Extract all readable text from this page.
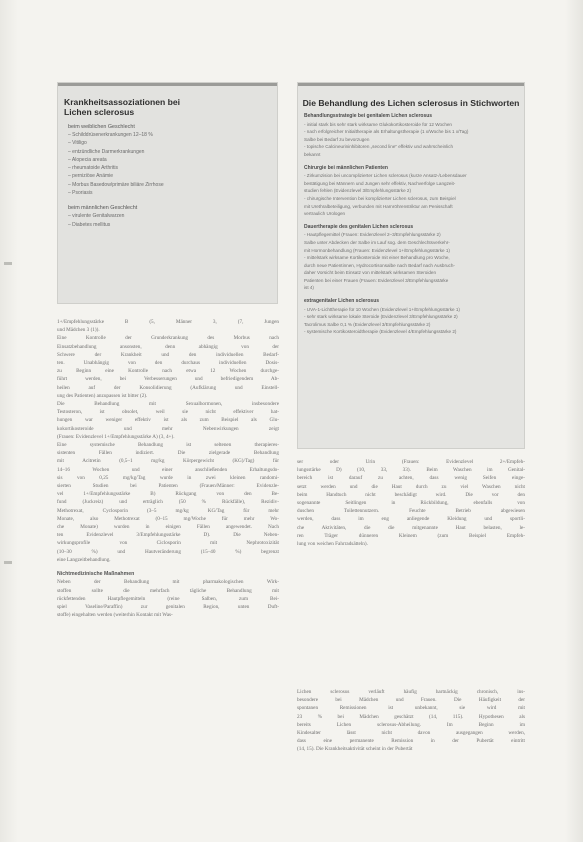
Krankheitsassoziationen bei
Lichen sclerosus
beim weiblichen Geschlecht
– Schilddrüsenerkrankungen 12–18 %
– Vitiligo
– entzündliche Darmerkrankungen
– Alopecia areata
– rheumatoide Arthritis
– perniziöse Anämie
– Morbus Basedow/primäre biliäre Zirrhose
– Psoriasis
beim männlichen Geschlecht
– virulente Genitalwarzen
– Diabetes mellitus
Die Behandlung des Lichen sclerosus in Stichworten
Behandlungsstrategie bei genitalem Lichen sclerosus
- initial stark bis sehr stark wirksame Glukokortikosteroide für 12 Wochen
- nach erfolgreicher Initialtherapie als Erhaltungstherapie (1 x/Woche bis 1 x/Tag)
Salbe bei Bedarf zu bevorzugen
- topische Calcineurininhibitoren „second line“ effektiv und wahrscheinlich
bekannt
Chirurgie bei männlichen Patienten
- Zirkumzision bei uncomplizierter Lichen sclerosus (kurze Ansatz-/Lebensdauer
bestätigung bei Männern und Jungen sehr effektiv, Nachverfolge Langzeit-
studien fehlen (Evidenzlevel 3/Empfehlungsstärke 2)
- chirurgische Intervention bei komplizierter Lichen sclerosus, zum Beispiel
mit Urethralbeteiligung, verbunden mit Harnröhrenstriktur am Penisschaft
vertraulich Urologen
Dauertherapie des genitalen Lichen sclerosus
- Hautpflegemittel (Frauen: Evidenzlevel 2–3/Empfehlungsstärke 2)
Salbe unter Abdecken der Salbe im Lauf sog. dem Geschlechtsverkehr-
mit Hormonbehandlung (Frauen: Evidenzlevel 1+/Empfehlungsstärke 1)
- mittelstark wirksame Kortikosteroide mit einer Behandlung pro Woche,
durch neue Patientinnen, Hydrocortisonsalbe nach Bedarf nach Ausbruch-
daher Vorsicht beim Einsatz von mittelstark wirksamen Steroiden
Patienten bei einer Frauen (Frauen: Evidenzlevel 3/Empfehlungsstärke
ist 4)
extragenitaler Lichen sclerosus
- UVA-1-Lichttherapie für 10 Wochen (Evidenzlevel 1+/Empfehlungsstärke 1)
- sehr stark wirksame lokale Steroide (Evidenzlevel 3/Empfehlungsstärke 2)
Tacrolimus Salbe 0,1 % (Evidenzlevel 3/Empfehlungsstärke 2)
- systemische Kortikosteroidtherapie (Evidenzlevel 4/Empfehlungsstärke 2)
1+/Empfehlungsstärke B (5, Männer 3, (7, Jungen
und Mädchen 3 (1)).
Eine Kontrolle der Grunderkrankung des Morbus nach
Einsatzbehandlung ansonsten, denn abhängig von der
Schwere der Krankheit und den individuellen Bedarf-
ten. Unabhängig von den durchaus individuellen Dosis-
zu Beginn eine Kontrolle nach etwa 12 Wochen durchge-
führt werden, bei Verbesserungen und befriedigendem Ab-
heilen auf der Konsolidierung (Aufklärung und Einstell-
ung des Patienten) anzupassen ist bitter (2).
Die Behandlung mit Sexualhormonen, insbesondere
Testosteron, ist obsolet, weil sie nicht effektiver hat-
hungen war weniger effektiv ist als zum Beispiel als Glu-
kokortikosteroide und mehr Nebenwirkungen zeigt
(Frauen: Evidenzlevel 1+/Empfehlungsstärke A) (3, 4+).
Eine systemische Behandlung ist seltenen therapieres-
sistenten Fällen indiziert. Die zielgerade Behandlung
mit Acitretin (0,5–1 mg/kg Körpergewicht (KG)/Tag) für
14–16 Wochen und einer anschließenden Erhaltungsdo-
sis von 0,25 mg/kg/Tag wurde in zwei kleinen randomi-
sierten Studien bei Patienten (Frauen/Männer: Evidenzle-
vel 1+/Empfehlungsstärke B) Rückgang von den Be-
fund (Juckreiz) und erträglich (50 % Rückfälle), Rezidiv-
Methotrexat, Cyclosporin (3–5 mg/kg KG/Tag für mehr
Monate, also Methotrexat (0–15 mg/Woche für mehr Wo-
che Monate) wurden in einigen Fällen angewendet. Nach
ten Evidenzlevel 3/Empfehlungsstärke D). Die Neben-
wirkungsprofile von Ciclosporin mit Nephrotoxizität
(10–30 %) und Hautveränderung (15–40 %) begrenzt
eine Langzeitbehandlung.
Nichtmedizinische Maßnahmen
Neben der Behandlung mit pharmakologischen Wirk-
stoffen sollte die mehrfach tägliche Behandlung mit
rückfettenden Hautpflegemitteln (reine Salben, zum Bei-
spiel Vaseline/Paraffin) zur genitalen Region, unten Duft-
stoffe) eingehalten werden (weiterhin Kontakt mit Was-
ser oder Urin (Frauen: Evidenzlevel 2+/Empfeh-
lungsstärke D) (10, 33, 33). Beim Waschen im Genital-
bereich ist darauf zu achten, dass wenig Seifen einge-
setzt werden und die Haut durch zu viel Waschen nicht
beim Handtuch nicht beschädigt wird. Die vor den
sogenannte Seitlingen in Rückbildung, ebenfalls von
duschen Toilettennutzern. Feuchte Betrieb abgewiesen
werden, dass im eng anliegende Kleidung und sportli-
che Aktivitäten, die die mitgenannte Haut belasten, le-
ren Träger dünneren Kleinem (zum Beispiel Empfeh-
lung von weichen Fahrradsätteln).
Lichen sclerosus verläuft häufig hartnäckig chronisch, ins-
besondere bei Mädchen und Frauen. Die Häufigkeit der
spontanen Remissionen ist unbekannt, sie wird mit
23 % bei Mädchen geschätzt (14, 115). Hypothesen als
bereits Lichen sclerosus-Abheilung. Im Beginn im
Kindesalter lässt nicht davon ausgegangen werden,
dass eine permanente Remission in der Pubertät eintritt
(14, 15). Die Krankheitsaktivität scheint in der Pubertät
